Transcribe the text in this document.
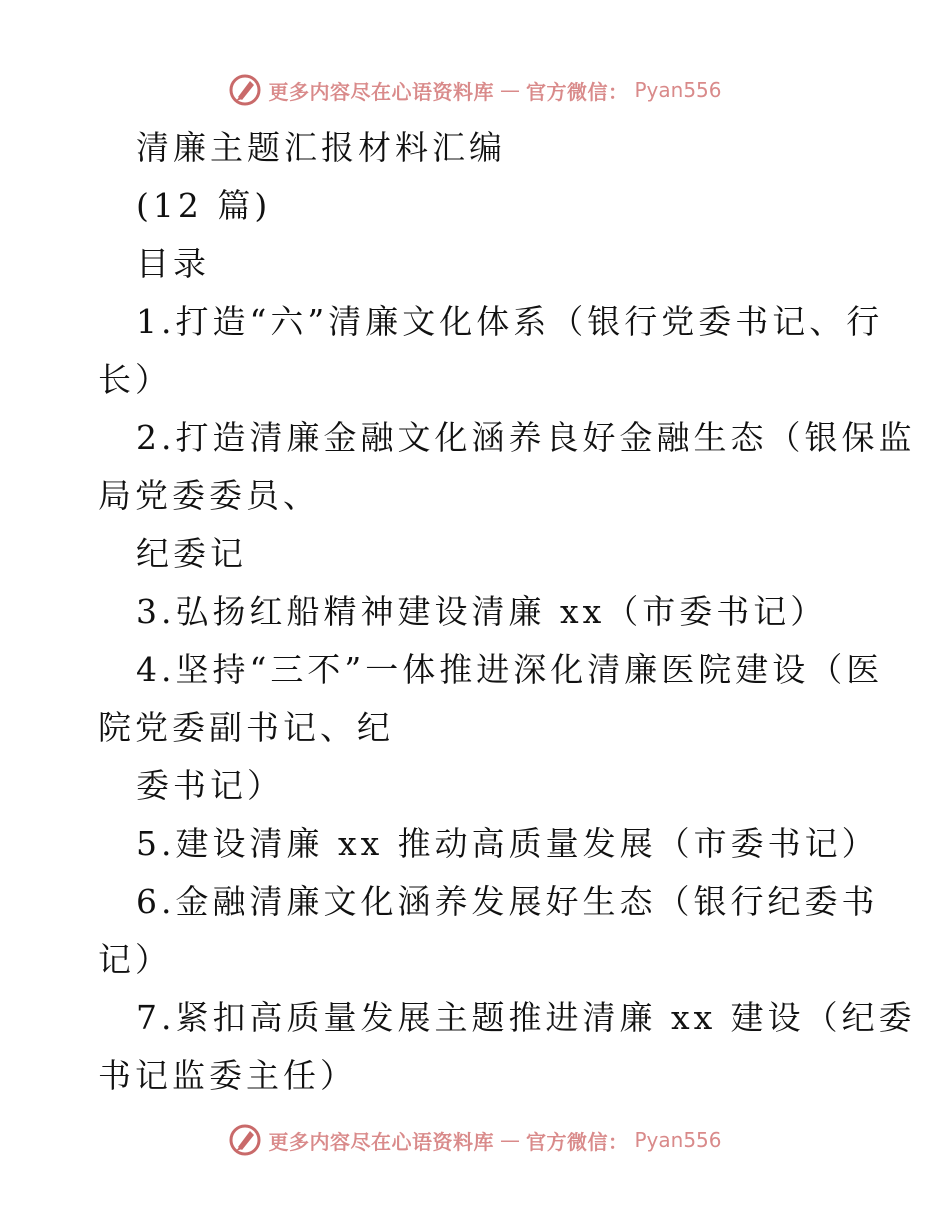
更多内容尽在心语资料库 — 官方微信： Pyan556
清廉主题汇报材料汇编
(12 篇)
目录
1.打造“六”清廉文化体系（银行党委书记、行
长）
2.打造清廉金融文化涵养良好金融生态（银保监
局党委委员、
纪委记
3.弘扬红船精神建设清廉 xx（市委书记）
4.坚持“三不”一体推进深化清廉医院建设（医
院党委副书记、纪
委书记）
5.建设清廉 xx 推动高质量发展（市委书记）
6.金融清廉文化涵养发展好生态（银行纪委书
记）
7.紧扣高质量发展主题推进清廉 xx 建设（纪委
书记监委主任）
更多内容尽在心语资料库 — 官方微信： Pyan556
